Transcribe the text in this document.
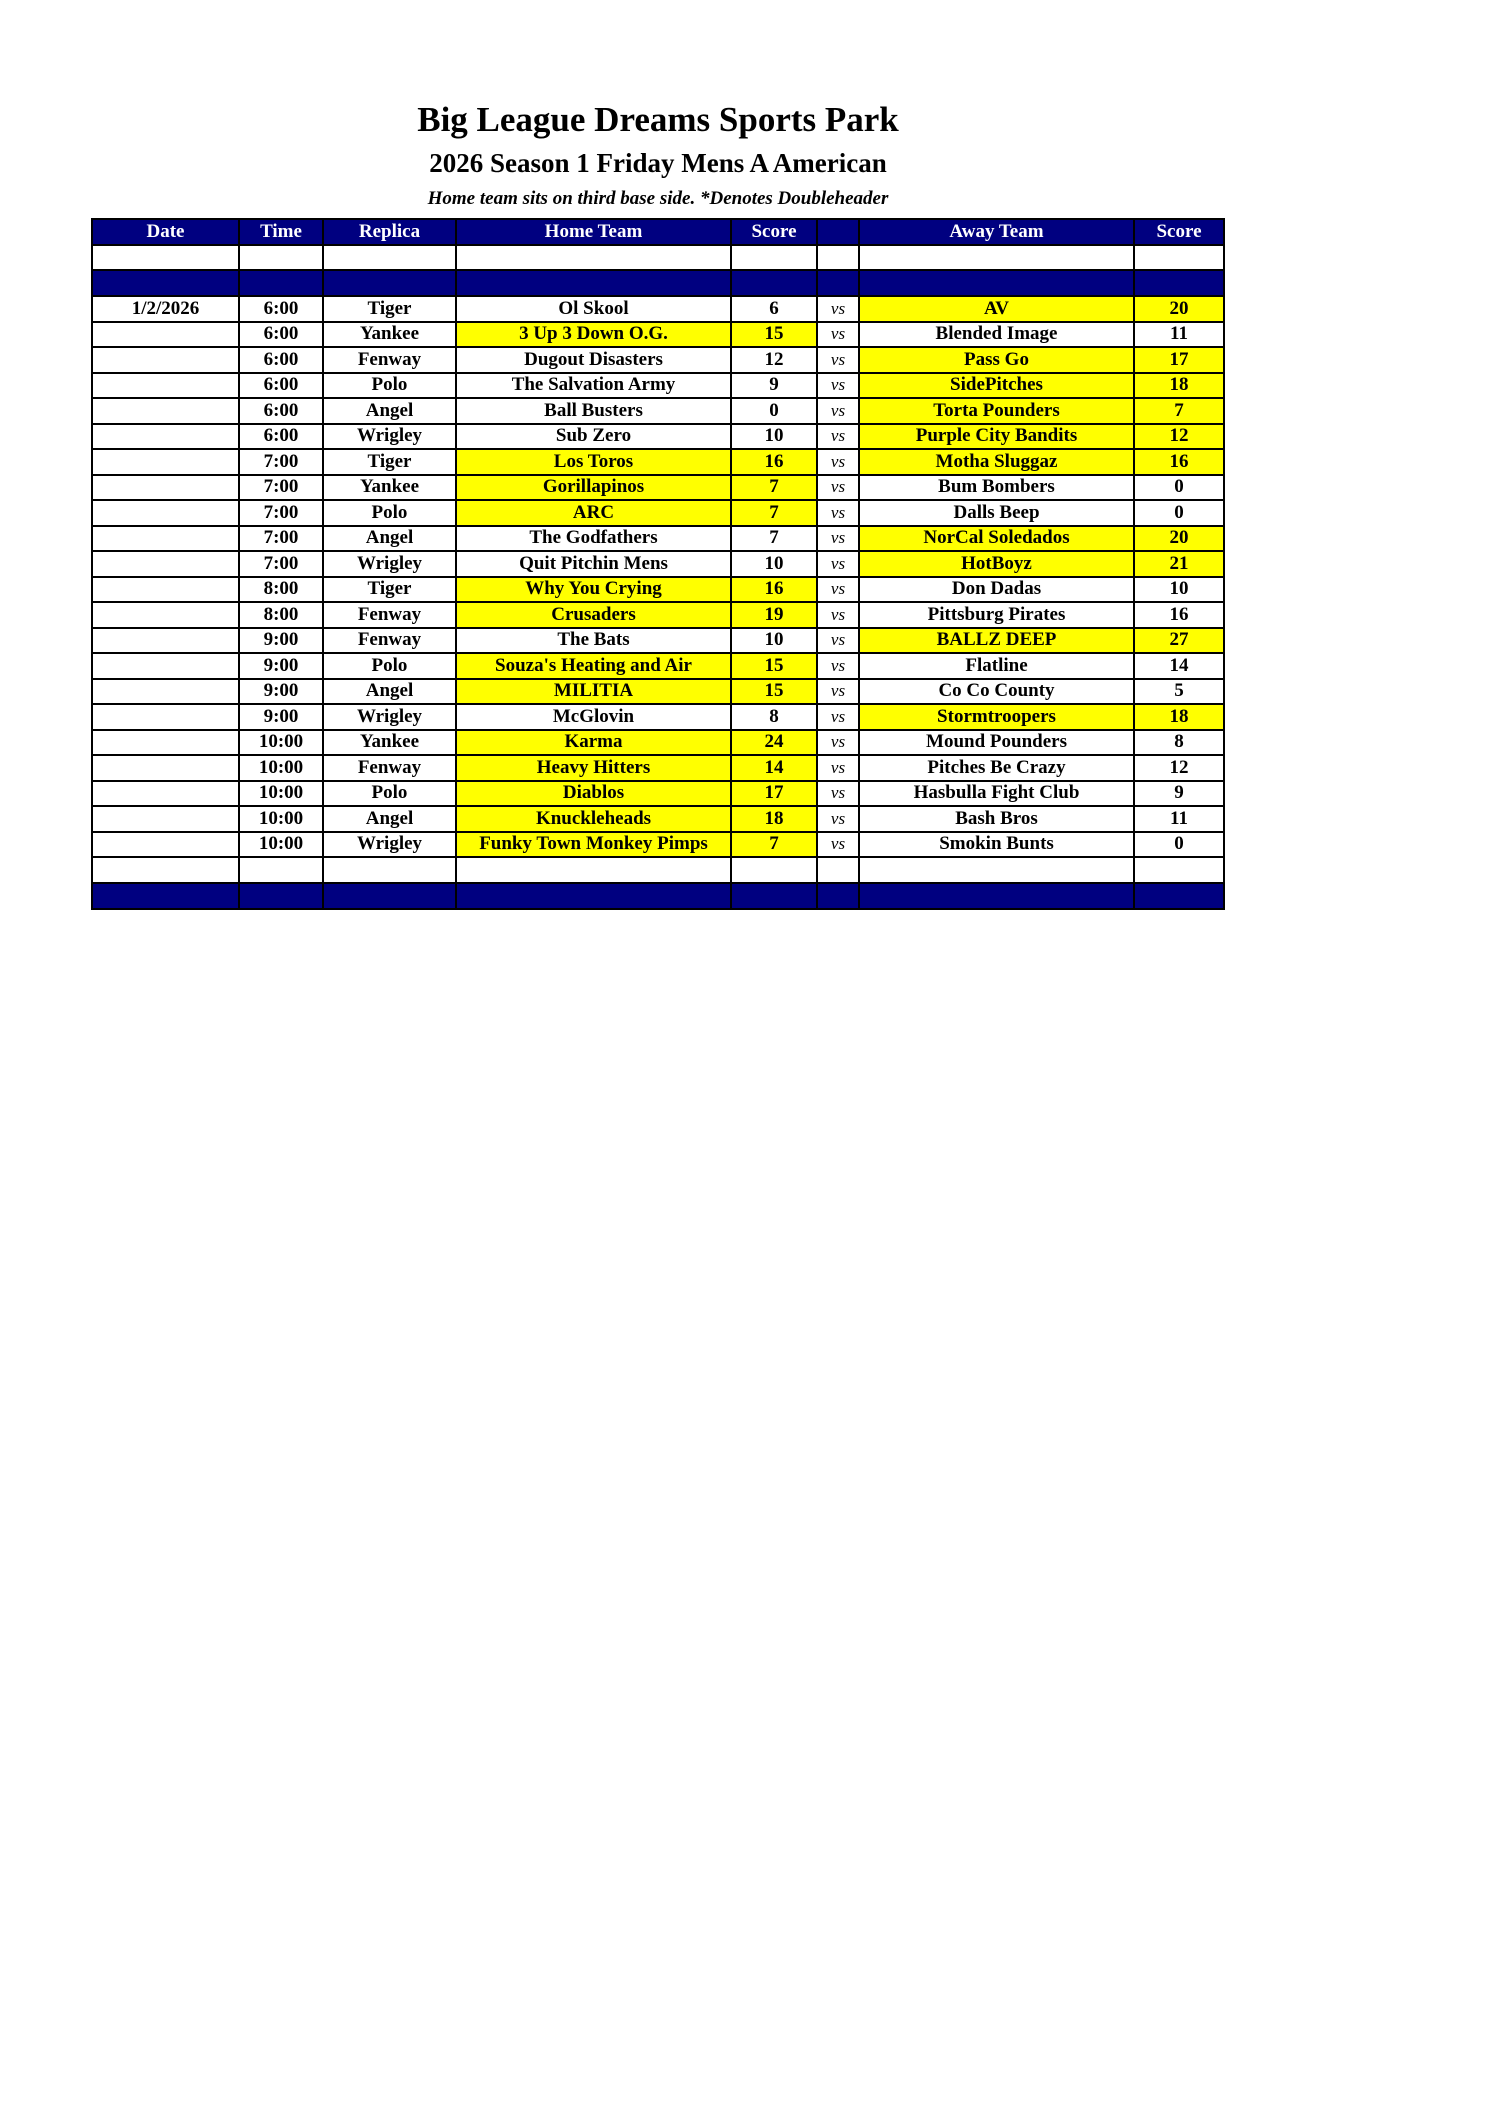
Big League Dreams Sports Park
2026 Season 1 Friday Mens A American
Home team sits on third base side. *Denotes Doubleheader
Date	Time	Replica	Home Team	Score		Away Team	Score

1/2/2026	6:00	Tiger	Ol Skool	6	vs	AV	20
	6:00	Yankee	3 Up 3 Down O.G.	15	vs	Blended Image	11
	6:00	Fenway	Dugout Disasters	12	vs	Pass Go	17
	6:00	Polo	The Salvation Army	9	vs	SidePitches	18
	6:00	Angel	Ball Busters	0	vs	Torta Pounders	7
	6:00	Wrigley	Sub Zero	10	vs	Purple City Bandits	12
	7:00	Tiger	Los Toros	16	vs	Motha Sluggaz	16
	7:00	Yankee	Gorillapinos	7	vs	Bum Bombers	0
	7:00	Polo	ARC	7	vs	Dalls Beep	0
	7:00	Angel	The Godfathers	7	vs	NorCal Soledados	20
	7:00	Wrigley	Quit Pitchin Mens	10	vs	HotBoyz	21
	8:00	Tiger	Why You Crying	16	vs	Don Dadas	10
	8:00	Fenway	Crusaders	19	vs	Pittsburg Pirates	16
	9:00	Fenway	The Bats	10	vs	BALLZ DEEP	27
	9:00	Polo	Souza's Heating and Air	15	vs	Flatline	14
	9:00	Angel	MILITIA	15	vs	Co Co County	5
	9:00	Wrigley	McGlovin	8	vs	Stormtroopers	18
	10:00	Yankee	Karma	24	vs	Mound Pounders	8
	10:00	Fenway	Heavy Hitters	14	vs	Pitches Be Crazy	12
	10:00	Polo	Diablos	17	vs	Hasbulla Fight Club	9
	10:00	Angel	Knuckleheads	18	vs	Bash Bros	11
	10:00	Wrigley	Funky Town Monkey Pimps	7	vs	Smokin Bunts	0
